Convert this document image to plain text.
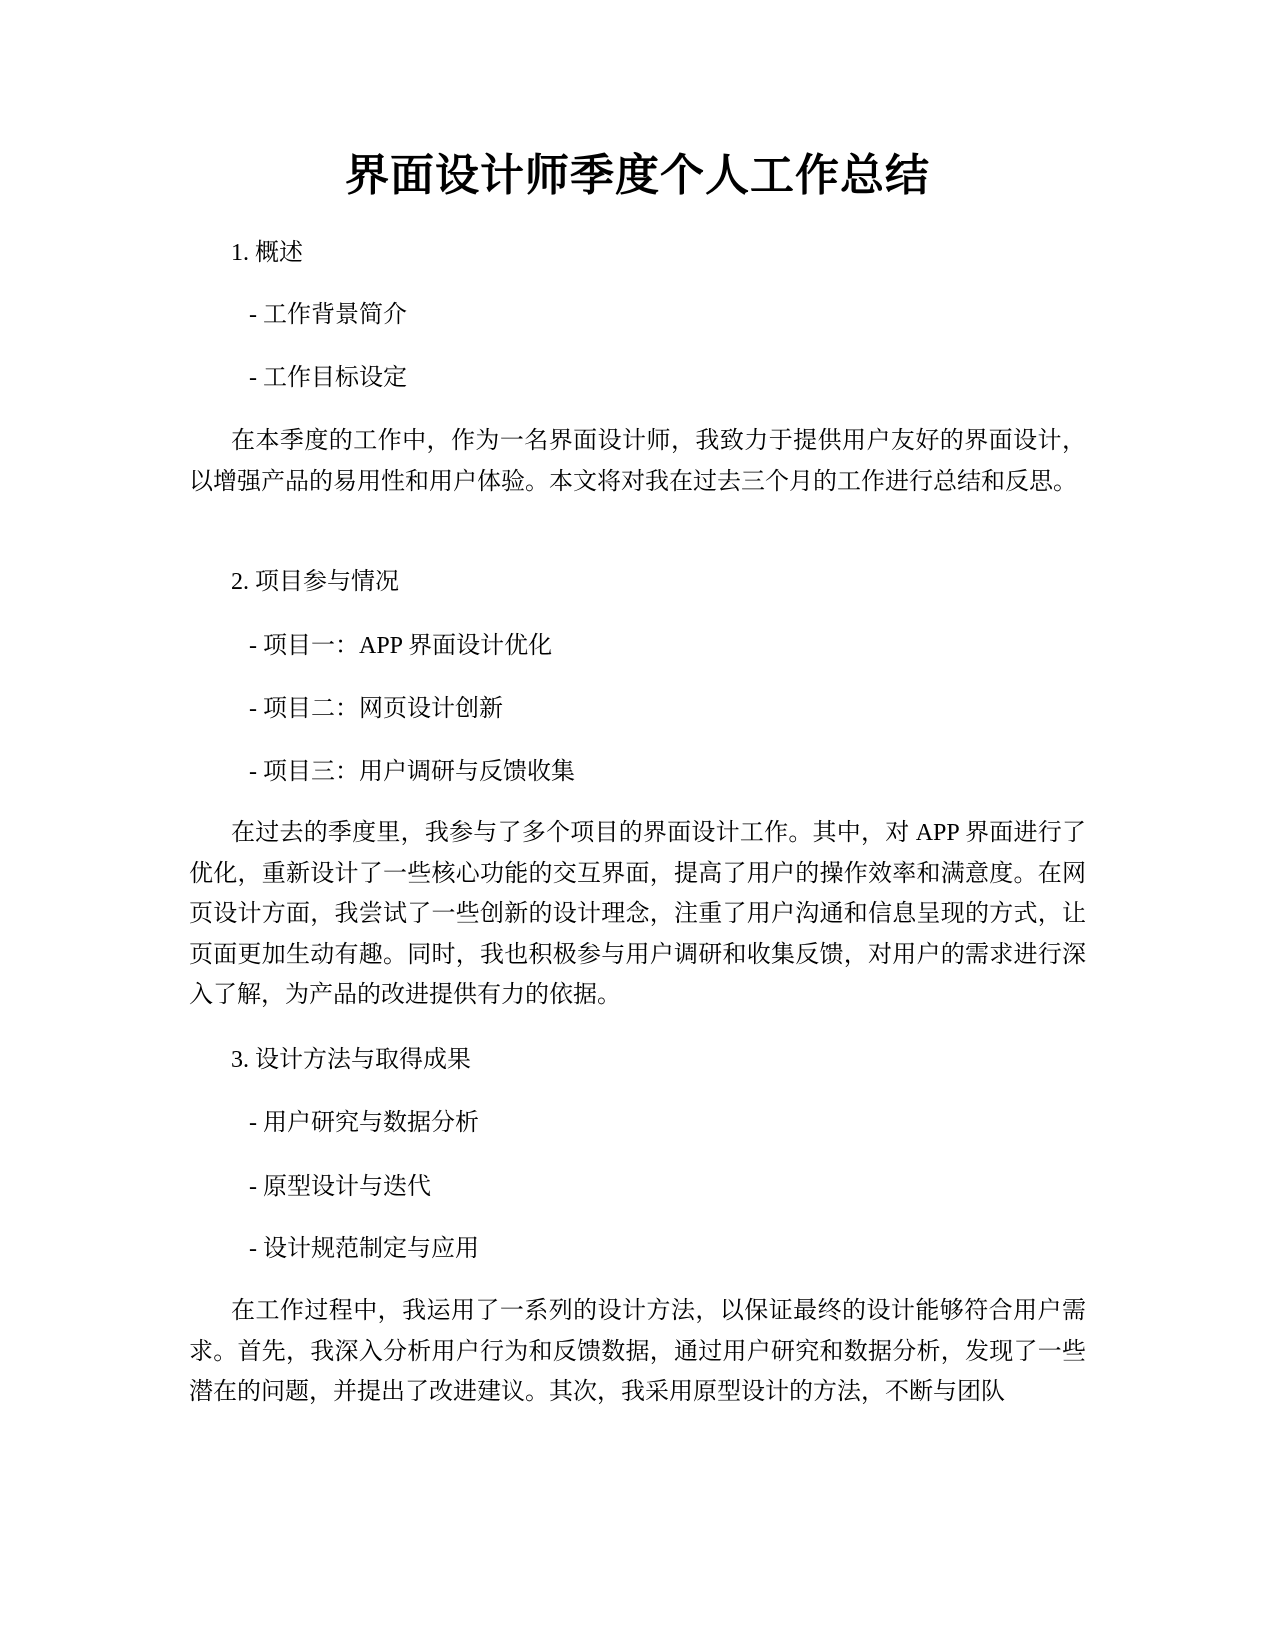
界面设计师季度个人工作总结
1. 概述
- 工作背景简介
- 工作目标设定

在本季度的工作中，作为一名界面设计师，我致力于提供用户友好的界面设计，以增强产品的易用性和用户体验。本文将对我在过去三个月的工作进行总结和反思。

2. 项目参与情况
- 项目一：APP 界面设计优化
- 项目二：网页设计创新
- 项目三：用户调研与反馈收集

在过去的季度里，我参与了多个项目的界面设计工作。其中，对 APP 界面进行了优化，重新设计了一些核心功能的交互界面，提高了用户的操作效率和满意度。在网页设计方面，我尝试了一些创新的设计理念，注重了用户沟通和信息呈现的方式，让页面更加生动有趣。同时，我也积极参与用户调研和收集反馈，对用户的需求进行深入了解，为产品的改进提供有力的依据。

3. 设计方法与取得成果
- 用户研究与数据分析
- 原型设计与迭代
- 设计规范制定与应用

在工作过程中，我运用了一系列的设计方法，以保证最终的设计能够符合用户需求。首先，我深入分析用户行为和反馈数据，通过用户研究和数据分析，发现了一些潜在的问题，并提出了改进建议。其次，我采用原型设计的方法，不断与团队
